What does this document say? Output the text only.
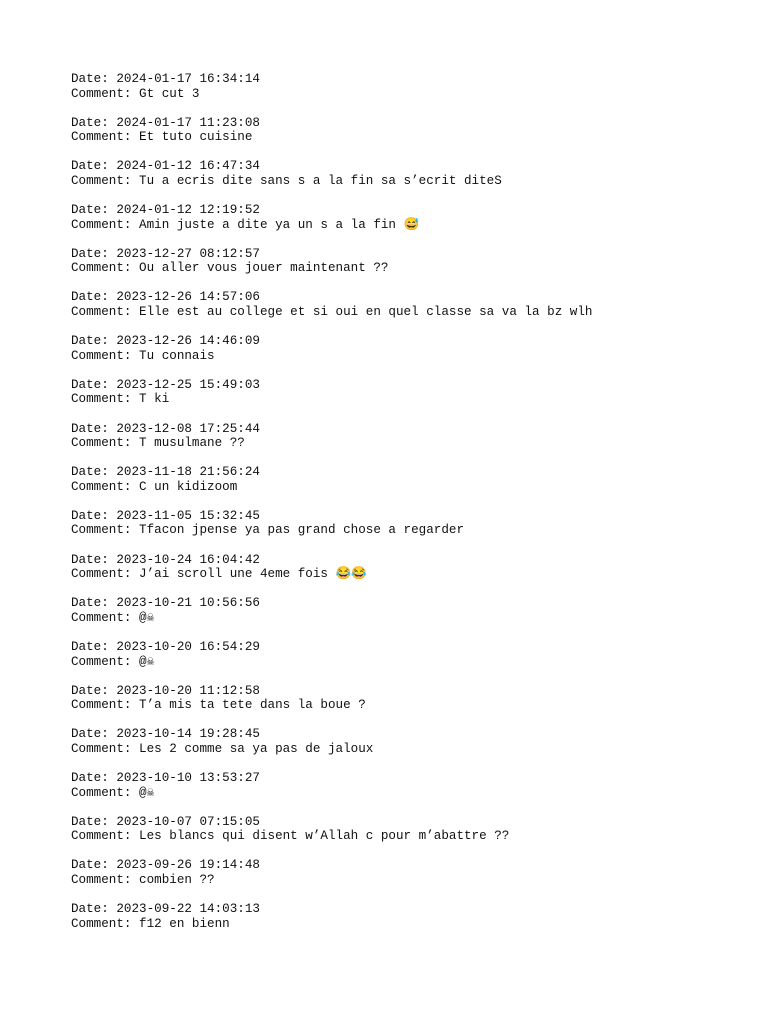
Date: 2024-01-17 16:34:14
Comment: Gt cut 3
Date: 2024-01-17 11:23:08
Comment: Et tuto cuisine
Date: 2024-01-12 16:47:34
Comment: Tu a ecris dite sans s a la fin sa s’ecrit diteS
Date: 2024-01-12 12:19:52
Comment: Amin juste a dite ya un s a la fin 😅
Date: 2023-12-27 08:12:57
Comment: Ou aller vous jouer maintenant ??
Date: 2023-12-26 14:57:06
Comment: Elle est au college et si oui en quel classe sa va la bz wlh
Date: 2023-12-26 14:46:09
Comment: Tu connais
Date: 2023-12-25 15:49:03
Comment: T ki
Date: 2023-12-08 17:25:44
Comment: T musulmane ??
Date: 2023-11-18 21:56:24
Comment: C un kidizoom
Date: 2023-11-05 15:32:45
Comment: Tfacon jpense ya pas grand chose a regarder
Date: 2023-10-24 16:04:42
Comment: J’ai scroll une 4eme fois 😂😂
Date: 2023-10-21 10:56:56
Comment: @☠
Date: 2023-10-20 16:54:29
Comment: @☠
Date: 2023-10-20 11:12:58
Comment: T’a mis ta tete dans la boue ?
Date: 2023-10-14 19:28:45
Comment: Les 2 comme sa ya pas de jaloux
Date: 2023-10-10 13:53:27
Comment: @☠
Date: 2023-10-07 07:15:05
Comment: Les blancs qui disent w’Allah c pour m’abattre ??
Date: 2023-09-26 19:14:48
Comment: combien ??
Date: 2023-09-22 14:03:13
Comment: f12 en bienn
